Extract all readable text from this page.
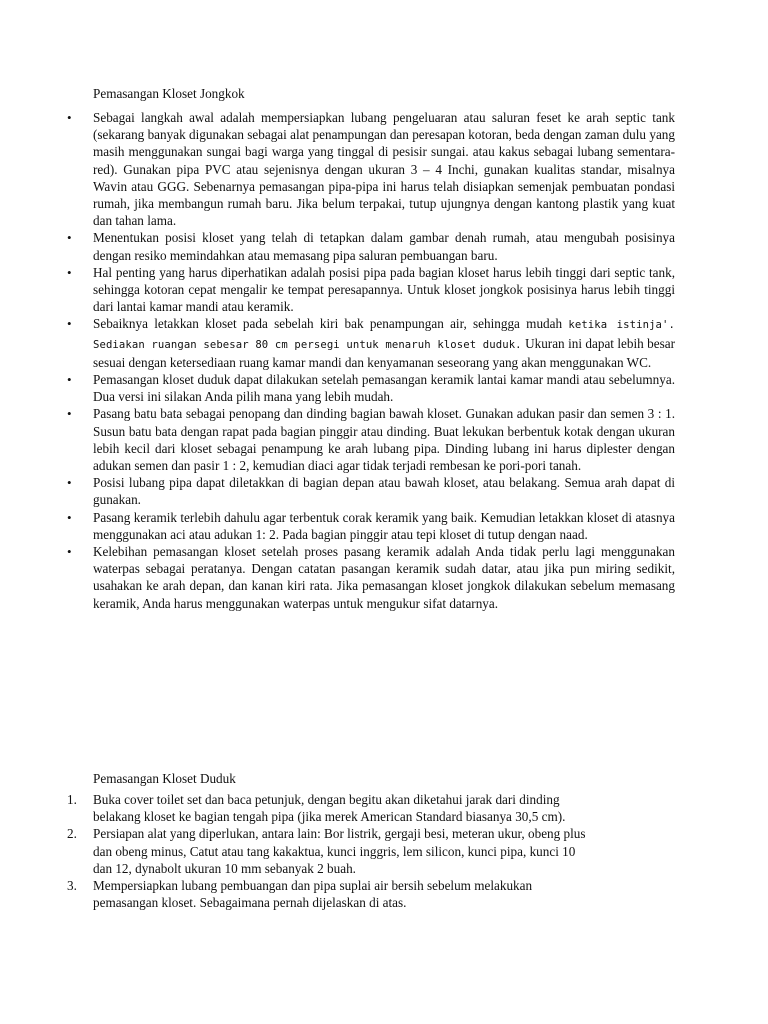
Pemasangan Kloset Jongkok
• Sebagai langkah awal adalah mempersiapkan lubang pengeluaran atau saluran feset ke arah septic tank (sekarang banyak digunakan sebagai alat penampungan dan peresapan kotoran, beda dengan zaman dulu yang masih menggunakan sungai bagi warga yang tinggal di pesisir sungai. atau kakus sebagai lubang sementara-red). Gunakan pipa PVC atau sejenisnya dengan ukuran 3 – 4 Inchi, gunakan kualitas standar, misalnya Wavin atau GGG. Sebenarnya pemasangan pipa-pipa ini harus telah disiapkan semenjak pembuatan pondasi rumah, jika membangun rumah baru. Jika belum terpakai, tutup ujungnya dengan kantong plastik yang kuat dan tahan lama.
• Menentukan posisi kloset yang telah di tetapkan dalam gambar denah rumah, atau mengubah posisinya dengan resiko memindahkan atau memasang pipa saluran pembuangan baru.
• Hal penting yang harus diperhatikan adalah posisi pipa pada bagian kloset harus lebih tinggi dari septic tank, sehingga kotoran cepat mengalir ke tempat peresapannya. Untuk kloset jongkok posisinya harus lebih tinggi dari lantai kamar mandi atau keramik.
• Sebaiknya letakkan kloset pada sebelah kiri bak penampungan air, sehingga mudah ketika istinja'. Sediakan ruangan sebesar 80 cm persegi untuk menaruh kloset duduk. Ukuran ini dapat lebih besar sesuai dengan ketersediaan ruang kamar mandi dan kenyamanan seseorang yang akan menggunakan WC.
• Pemasangan kloset duduk dapat dilakukan setelah pemasangan keramik lantai kamar mandi atau sebelumnya. Dua versi ini silakan Anda pilih mana yang lebih mudah.
• Pasang batu bata sebagai penopang dan dinding bagian bawah kloset. Gunakan adukan pasir dan semen 3 : 1. Susun batu bata dengan rapat pada bagian pinggir atau dinding. Buat lekukan berbentuk kotak dengan ukuran lebih kecil dari kloset sebagai penampung ke arah lubang pipa. Dinding lubang ini harus diplester dengan adukan semen dan pasir 1 : 2, kemudian diaci agar tidak terjadi rembesan ke pori-pori tanah.
• Posisi lubang pipa dapat diletakkan di bagian depan atau bawah kloset, atau belakang. Semua arah dapat di gunakan.
• Pasang keramik terlebih dahulu agar terbentuk corak keramik yang baik. Kemudian letakkan kloset di atasnya menggunakan aci atau adukan 1: 2. Pada bagian pinggir atau tepi kloset di tutup dengan naad.
• Kelebihan pemasangan kloset setelah proses pasang keramik adalah Anda tidak perlu lagi menggunakan waterpas sebagai peratanya. Dengan catatan pasangan keramik sudah datar, atau jika pun miring sedikit, usahakan ke arah depan, dan kanan kiri rata. Jika pemasangan kloset jongkok dilakukan sebelum memasang keramik, Anda harus menggunakan waterpas untuk mengukur sifat datarnya.
Pemasangan Kloset Duduk
1. Buka cover toilet set dan baca petunjuk, dengan begitu akan diketahui jarak dari dinding
belakang kloset ke bagian tengah pipa (jika merek American Standard biasanya 30,5 cm).
2. Persiapan alat yang diperlukan, antara lain: Bor listrik, gergaji besi, meteran ukur, obeng plus
dan obeng minus, Catut atau tang kakaktua, kunci inggris, lem silicon, kunci pipa, kunci 10
dan 12, dynabolt ukuran 10 mm sebanyak 2 buah.
3. Mempersiapkan lubang pembuangan dan pipa suplai air bersih sebelum melakukan
pemasangan kloset. Sebagaimana pernah dijelaskan di atas.
